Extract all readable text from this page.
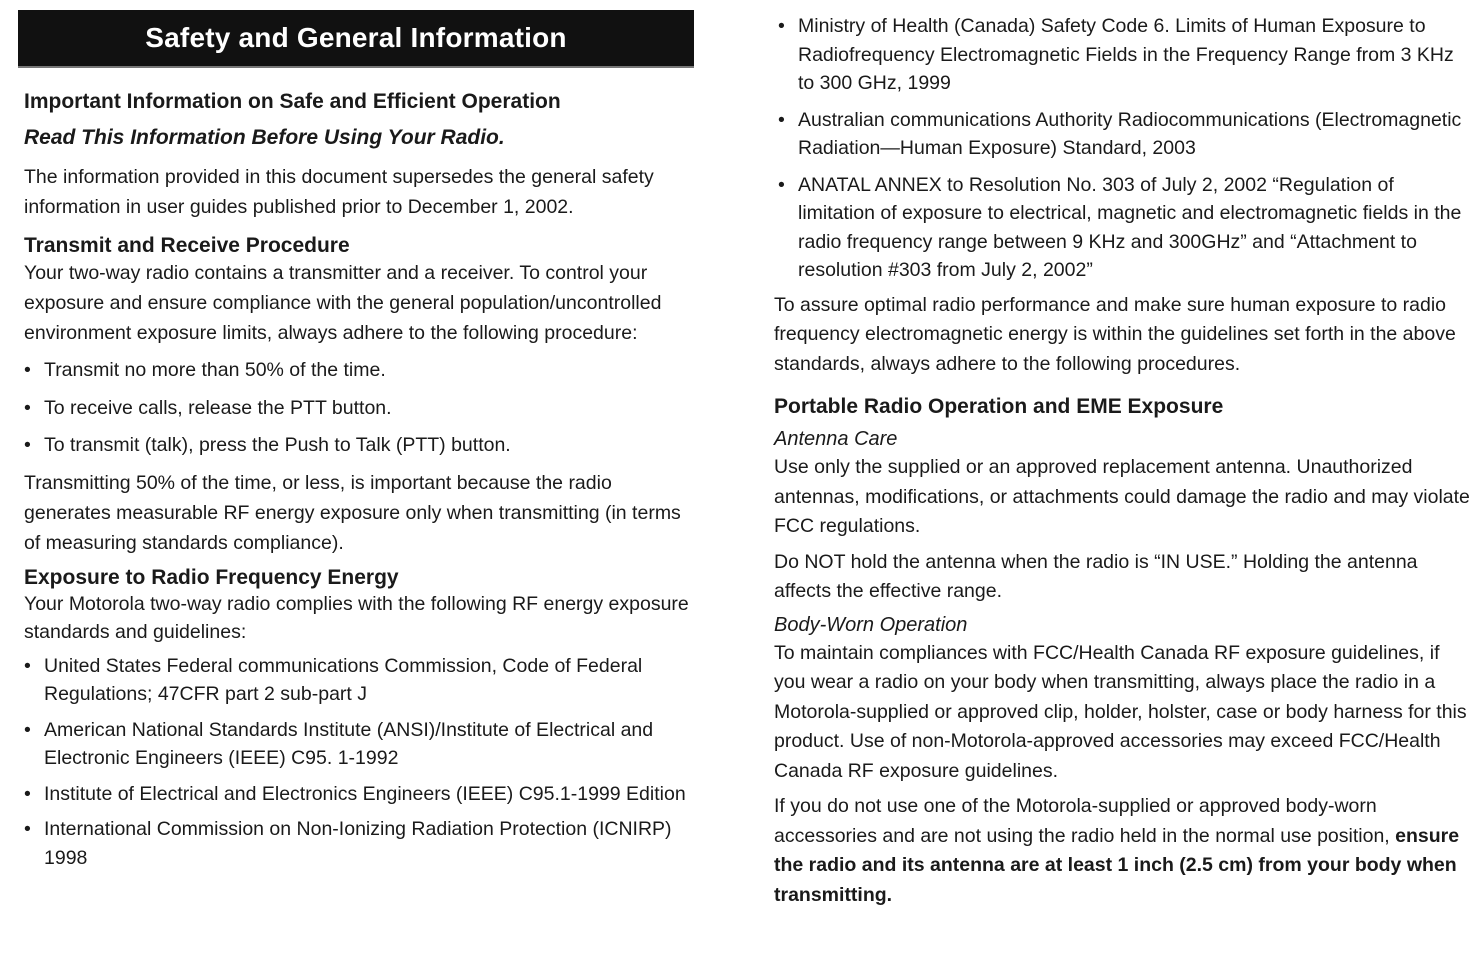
Safety and General Information
Important Information on Safe and Efficient Operation
Read This Information Before Using Your Radio.

The information provided in this document supersedes the general safety information in user guides published prior to December 1, 2002.

Transmit and Receive Procedure

Your two-way radio contains a transmitter and a receiver. To control your exposure and ensure compliance with the general population/uncontrolled environment exposure limits, always adhere to the following procedure:

• Transmit no more than 50% of the time.
• To receive calls, release the PTT button.
• To transmit (talk), press the Push to Talk (PTT) button.

Transmitting 50% of the time, or less, is important because the radio generates measurable RF energy exposure only when transmitting (in terms of measuring standards compliance).

Exposure to Radio Frequency Energy

Your Motorola two-way radio complies with the following RF energy exposure standards and guidelines:

• United States Federal communications Commission, Code of Federal Regulations; 47CFR part 2 sub-part J
• American National Standards Institute (ANSI)/Institute of Electrical and Electronic Engineers (IEEE) C95. 1-1992
• Institute of Electrical and Electronics Engineers (IEEE) C95.1-1999 Edition
• International Commission on Non-Ionizing Radiation Protection (ICNIRP) 1998
• Ministry of Health (Canada) Safety Code 6. Limits of Human Exposure to Radiofrequency Electromagnetic Fields in the Frequency Range from 3 KHz to 300 GHz, 1999
• Australian communications Authority Radiocommunications (Electromagnetic Radiation—Human Exposure) Standard, 2003
• ANATAL ANNEX to Resolution No. 303 of July 2, 2002 “Regulation of limitation of exposure to electrical, magnetic and electromagnetic fields in the radio frequency range between 9 KHz and 300GHz” and “Attachment to resolution #303 from July 2, 2002”

To assure optimal radio performance and make sure human exposure to radio frequency electromagnetic energy is within the guidelines set forth in the above standards, always adhere to the following procedures.

Portable Radio Operation and EME Exposure
Antenna Care

Use only the supplied or an approved replacement antenna. Unauthorized antennas, modifications, or attachments could damage the radio and may violate FCC regulations.

Do NOT hold the antenna when the radio is “IN USE.” Holding the antenna affects the effective range.

Body-Worn Operation

To maintain compliances with FCC/Health Canada RF exposure guidelines, if you wear a radio on your body when transmitting, always place the radio in a Motorola-supplied or approved clip, holder, holster, case or body harness for this product. Use of non-Motorola-approved accessories may exceed FCC/Health Canada RF exposure guidelines.

If you do not use one of the Motorola-supplied or approved body-worn accessories and are not using the radio held in the normal use position, ensure the radio and its antenna are at least 1 inch (2.5 cm) from your body when transmitting.
